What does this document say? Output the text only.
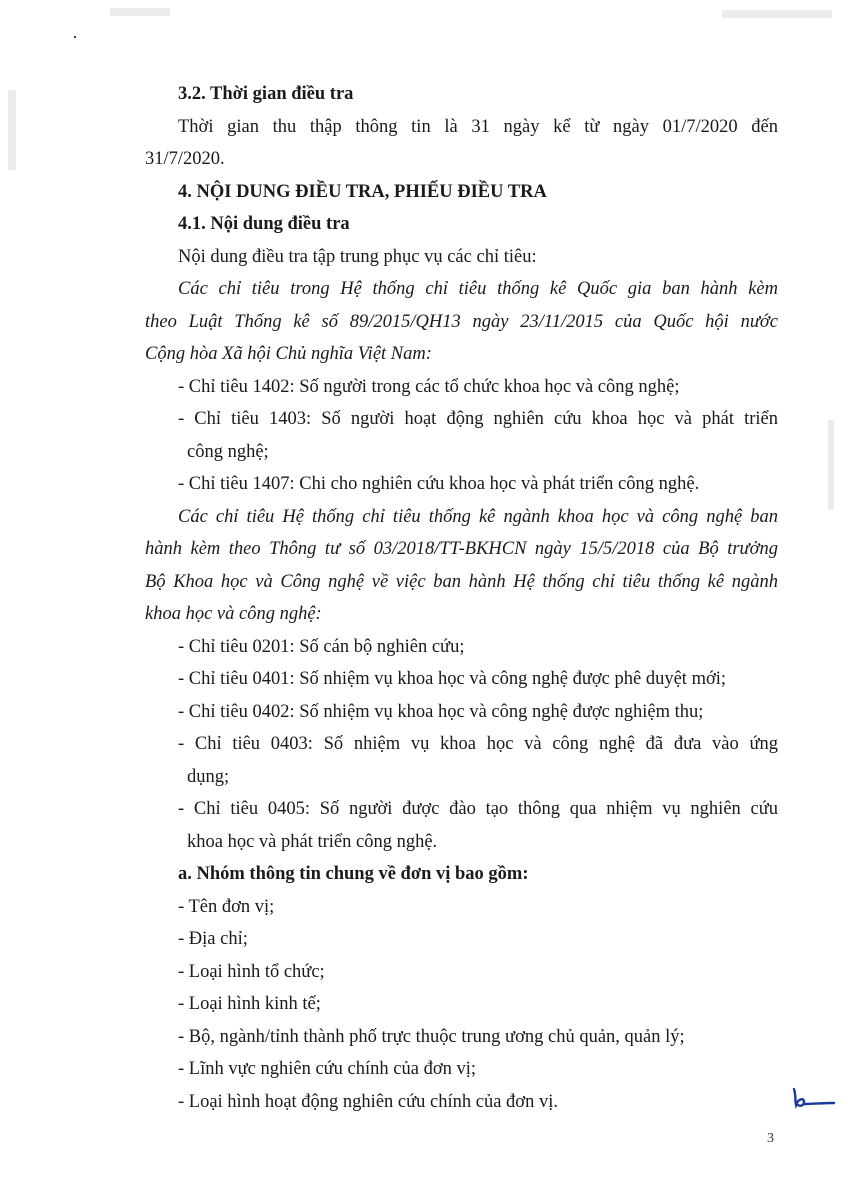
3.2. Thời gian điều tra

Thời gian thu thập thông tin là 31 ngày kể từ ngày 01/7/2020 đến

31/7/2020.

4. NỘI DUNG ĐIỀU TRA, PHIẾU ĐIỀU TRA

4.1. Nội dung điều tra

Nội dung điều tra tập trung phục vụ các chỉ tiêu:

Các chỉ tiêu trong Hệ thống chỉ tiêu thống kê Quốc gia ban hành kèm

theo Luật Thống kê số 89/2015/QH13 ngày 23/11/2015 của Quốc hội nước

Cộng hòa Xã hội Chủ nghĩa Việt Nam:

- Chỉ tiêu 1402: Số người trong các tổ chức khoa học và công nghệ;

- Chỉ tiêu 1403: Số người hoạt động nghiên cứu khoa học và phát triển

công nghệ;

- Chỉ tiêu 1407: Chi cho nghiên cứu khoa học và phát triển công nghệ.

Các chỉ tiêu Hệ thống chỉ tiêu thống kê ngành khoa học và công nghệ ban

hành kèm theo Thông tư số 03/2018/TT-BKHCN ngày 15/5/2018 của Bộ trưởng

Bộ Khoa học và Công nghệ về việc ban hành Hệ thống chỉ tiêu thống kê ngành

khoa học và công nghệ:

- Chỉ tiêu 0201: Số cán bộ nghiên cứu;

- Chỉ tiêu 0401: Số nhiệm vụ khoa học và công nghệ được phê duyệt mới;

- Chỉ tiêu 0402: Số nhiệm vụ khoa học và công nghệ được nghiệm thu;

- Chỉ tiêu 0403: Số nhiệm vụ khoa học và công nghệ đã đưa vào ứng

dụng;

- Chỉ tiêu 0405: Số người được đào tạo thông qua nhiệm vụ nghiên cứu

khoa học và phát triển công nghệ.

a. Nhóm thông tin chung về đơn vị bao gồm:

- Tên đơn vị;

- Địa chỉ;

- Loại hình tổ chức;

- Loại hình kinh tế;

- Bộ, ngành/tỉnh thành phố trực thuộc trung ương chủ quản, quản lý;

- Lĩnh vực nghiên cứu chính của đơn vị;

- Loại hình hoạt động nghiên cứu chính của đơn vị.

3
